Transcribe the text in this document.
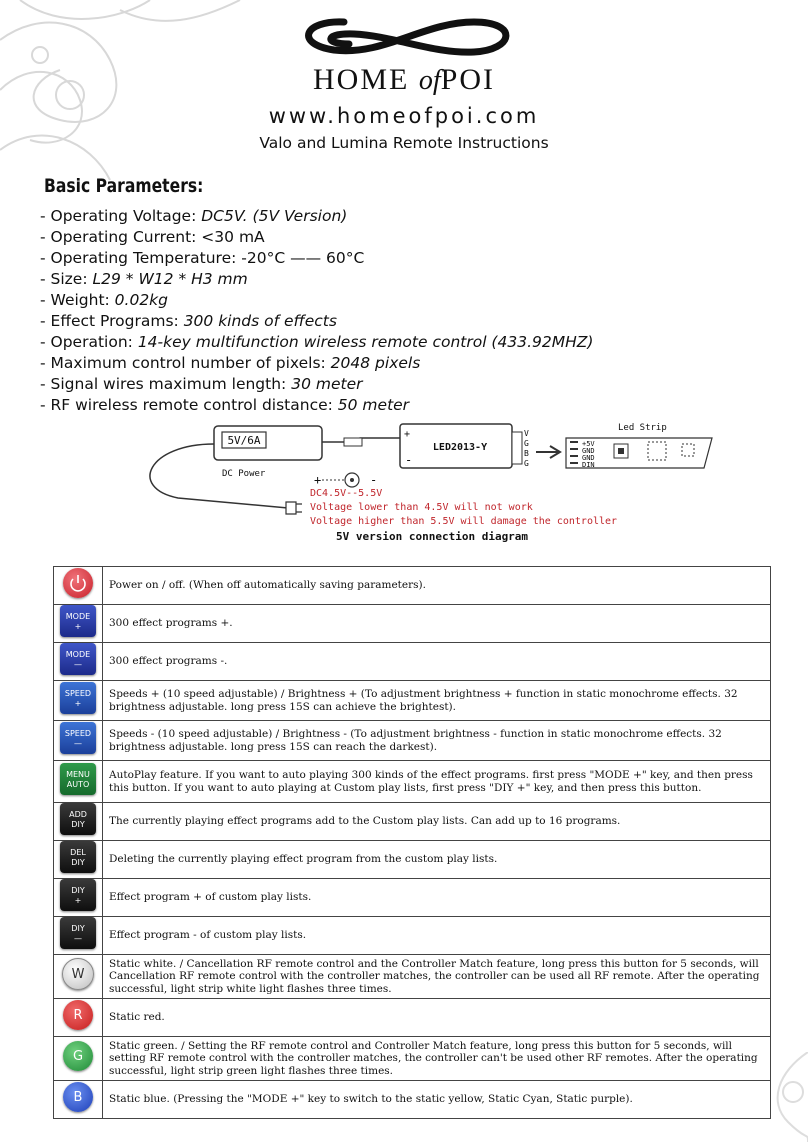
HOME ofPOI
www.homeofpoi.com
Valo and Lumina Remote Instructions
Basic Parameters:
- Operating Voltage: DC5V. (5V Version)
- Operating Current: <30 mA
- Operating Temperature: -20°C —— 60°C
- Size: L29 * W12 * H3 mm
- Weight: 0.02kg
- Effect Programs: 300 kinds of effects
- Operation: 14-key multifunction wireless remote control (433.92MHZ)
- Maximum control number of pixels: 2048 pixels
- Signal wires maximum length: 30 meter
- RF wireless remote control distance: 50 meter
5V/6A
DC Power	+	-
+
-
LED2013-Y
V
G
B
G
Led Strip
+5V
GND
GND
DIN
DC4.5V--5.5V
Voltage lower than 4.5V will not work
Voltage higher than 5.5V will damage the controller
5V version connection diagram
	Power on / off. (When off automatically saving parameters).

MODE
+	300 effect programs +.

MODE
—	300 effect programs -.

SPEED
+	Speeds + (10 speed adjustable) / Brightness + (To adjustment brightness + function in static monochrome effects. 32 brightness adjustable. long press 15S can achieve the brightest).

SPEED
—	Speeds - (10 speed adjustable) / Brightness - (To adjustment brightness - function in static monochrome effects. 32 brightness adjustable. long press 15S can reach the darkest).

MENU
AUTO	AutoPlay feature. If you want to auto playing 300 kinds of the effect programs. first press "MODE +" key, and then press this button. If you want to auto playing at Custom play lists, first press "DIY +" key, and then press this button.

ADD
DIY	The currently playing effect programs add to the Custom play lists. Can add up to 16 programs.

DEL
DIY	Deleting the currently playing effect program from the custom play lists.

DIY
+	Effect program + of custom play lists.

DIY
—	Effect program - of custom play lists.

W	Static white. / Cancellation RF remote control and the Controller Match feature, long press this button for 5 seconds, will Cancellation RF remote control with the controller matches, the controller can be used all RF remote. After the operating successful, light strip white light flashes three times.

R	Static red.

G	Static green. / Setting the RF remote control and Controller Match feature, long press this button for 5 seconds, will setting RF remote control with the controller matches, the controller can't be used other RF remotes. After the operating successful, light strip green light flashes three times.

B	Static blue. (Pressing the "MODE +" key to switch to the static yellow, Static Cyan, Static purple).
